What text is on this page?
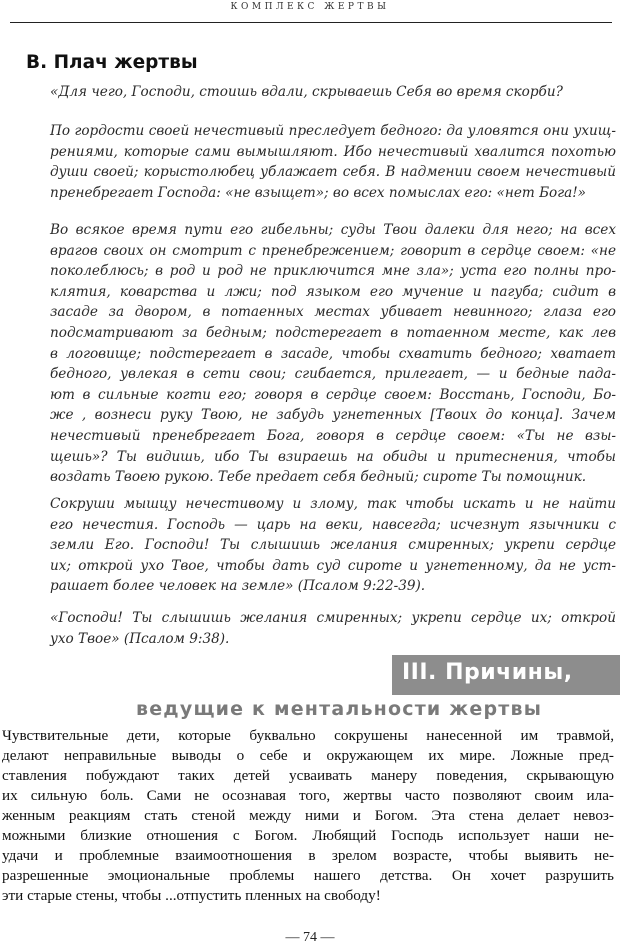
КОМПЛЕКС ЖЕРТВЫ
В. Плач жертвы

«Для чего, Господи, стоишь вдали, скрываешь Себя во время скорби?

По гордости своей нечестивый преследует бедного: да уловятся они ухищ-
рениями, которые сами вымышляют. Ибо нечестивый хвалится похотью
души своей; корыстолюбец ублажает себя. В надмении своем нечестивый
пренебрегает Господа: «не взыщет»; во всех помыслах его: «нет Бога!»

Во всякое время пути его гибельны; суды Твои далеки для него; на всех
врагов своих он смотрит с пренебрежением; говорит в сердце своем: «не
поколеблюсь; в род и род не приключится мне зла»; уста его полны про-
клятия, коварства и лжи; под языком его мучение и пагуба; сидит в
засаде за двором, в потаенных местах убивает невинного; глаза его
подсматривают за бедным; подстерегает в потаенном месте, как лев
в логовище; подстерегает в засаде, чтобы схватить бедного; хватает
бедного, увлекая в сети свои; сгибается, прилегает, — и бедные пада-
ют в сильные когти его; говоря в сердце своем: Восстань, Господи, Бо-
же , вознеси руку Твою, не забудь угнетенных [Твоих до конца]. Зачем
нечестивый пренебрегает Бога, говоря в сердце своем: «Ты не взы-
щешь»? Ты видишь, ибо Ты взираешь на обиды и притеснения, чтобы
воздать Твоею рукою. Тебе предает себя бедный; сироте Ты помощник.

Сокруши мышцу нечестивому и злому, так чтобы искать и не найти
его нечестия. Господь — царь на веки, навсегда; исчезнут язычники с
земли Его. Господи! Ты слышишь желания смиренных; укрепи сердце
их; открой ухо Твое, чтобы дать суд сироте и угнетенному, да не уст-
рашает более человек на земле» (Псалом 9:22-39).

«Господи! Ты слышишь желания смиренных; укрепи сердце их; открой
ухо Твое» (Псалом 9:38).

III. Причины,
ведущие к ментальности жертвы

Чувствительные дети, которые буквально сокрушены нанесенной им травмой,
делают неправильные выводы о себе и окружающем их мире. Ложные пред-
ставления побуждают таких детей усваивать манеру поведения, скрывающую
их сильную боль. Сами не осознавая того, жертвы часто позволяют своим ила-
женным реакциям стать стеной между ними и Богом. Эта стена делает невоз-
можными близкие отношения с Богом. Любящий Господь использует наши не-
удачи и проблемные взаимоотношения в зрелом возрасте, чтобы выявить не-
разрешенные эмоциональные проблемы нашего детства. Он хочет разрушить
эти старые стены, чтобы ...отпустить пленных на свободу!

— 74 —
